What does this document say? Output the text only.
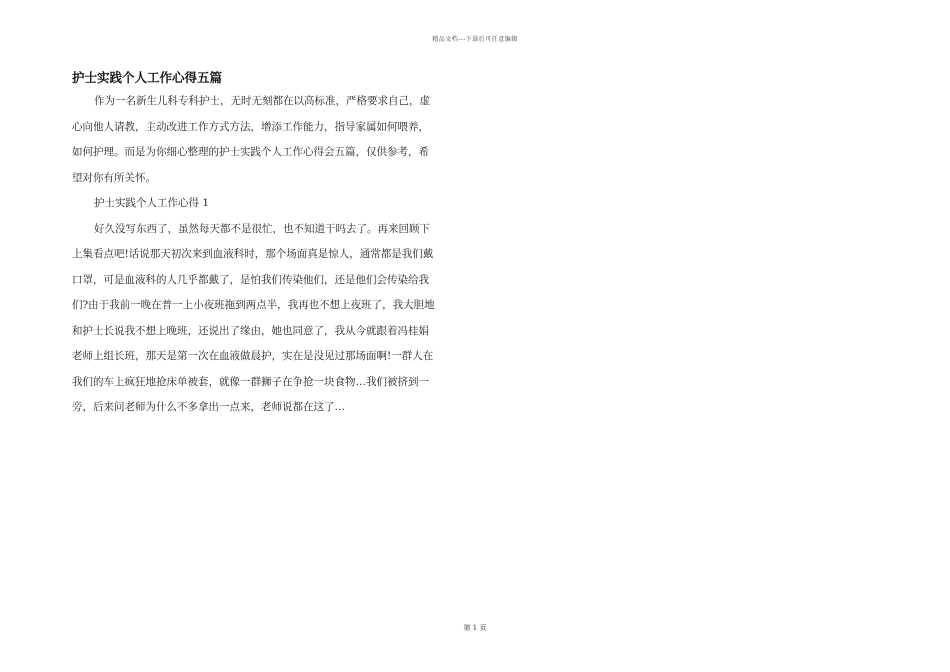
精品文档---下载后可任意编辑
护士实践个人工作心得五篇
作为一名新生儿科专科护士，无时无刻都在以高标准，严格要求自己，虚
心向他人请教，主动改进工作方式方法，增添工作能力，指导家属如何喂养，
如何护理。而是为你细心整理的护士实践个人工作心得会五篇，仅供参考，希
望对你有所关怀。
护士实践个人工作心得 1
好久没写东西了，虽然每天都不是很忙，也不知道干吗去了。再来回顾下
上集看点吧!话说那天初次来到血液科时，那个场面真是惊人，通常都是我们戴
口罩，可是血液科的人几乎都戴了，是怕我们传染他们，还是他们会传染给我
们?由于我前一晚在普一上小夜班拖到两点半，我再也不想上夜班了，我大胆地
和护士长说我不想上晚班，还说出了缘由，她也同意了，我从今就跟着冯桂娟
老师上组长班，那天是第一次在血液做晨护，实在是没见过那场面啊!一群人在
我们的车上疯狂地抢床单被套，就像一群狮子在争抢一块食物…我们被挤到一
旁，后来问老师为什么不多拿出一点来，老师说都在这了…
第 1 页
